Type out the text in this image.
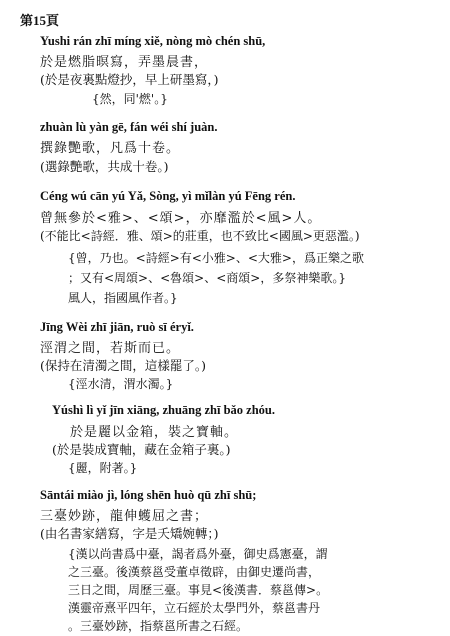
第15頁
Yushi rán zhī míng xiě, nòng mò chén shū,
於是燃脂暝寫，弄墨晨書，
(於是夜裏點燈抄，早上研墨寫，)
{然，同'燃'。}
zhuàn lù yàn gē, fán wéi shí juàn.
撰錄艷歌，凡爲十卷。
(選錄艷歌，共成十卷。)
Céng wú cān yú Yǎ, Sòng, yì mǐlàn yú Fēng rén.
曾無參於<雅>、<頌>，亦靡濫於<風>人。
(不能比<詩經．雅、頌>的莊重，也不致比<國風>更惡濫。)
{曾，乃也。<詩經>有<小雅>、<大雅>，爲正樂之歌
；又有<周頌>、<魯頌>、<商頌>，多祭神樂歌。}
風人，指國風作者。}
Jīng Wèi zhī jiān, ruò sī éryǐ.
涇渭之間，若斯而已。
(保持在清濁之間，這樣罷了。)
{涇水清，渭水濁。}
Yúshì lì yǐ jīn xiāng, zhuāng zhī bǎo zhóu.
於是麗以金箱，裝之寶軸。
(於是裝成寶軸，藏在金箱子裏。)
{麗，附著。}
Sāntái miào jì, lóng shēn huò qū zhī shū;
三臺妙跡，龍伸蠖屈之書；
(由名書家繕寫，字是夭矯婉轉；)
{漢以尚書爲中臺，謁者爲外臺，御史爲憲臺，謂
之三臺。後漢蔡邕受董卓徵辟，由御史遷尚書，
三日之間，周歷三臺。事見<後漢書．蔡邕傳>。
漢靈帝熹平四年，立石經於太學門外，蔡邕書丹
。三臺妙跡，指蔡邕所書之石經。
